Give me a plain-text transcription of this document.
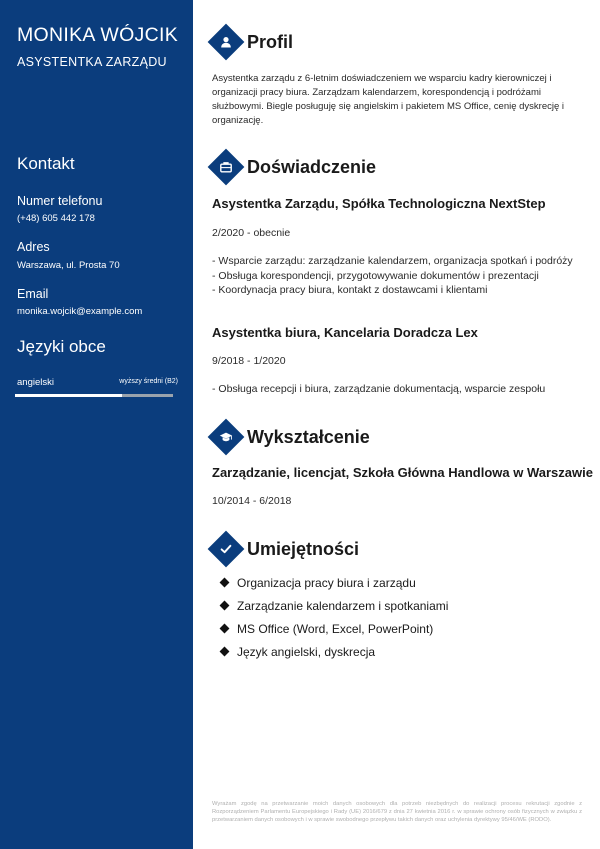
MONIKA WÓJCIK
ASYSTENTKA ZARZĄDU
Kontakt
Numer telefonu
(+48) 605 442 178
Adres
Warszawa, ul. Prosta 70
Email
monika.wojcik@example.com
Języki obce
angielski	wyższy średni (B2)
Profil

Asystentka zarządu z 6-letnim doświadczeniem we wsparciu kadry kierowniczej i organizacji pracy biura. Zarządzam kalendarzem, korespondencją i podróżami służbowymi. Biegle posługuję się angielskim i pakietem MS Office, cenię dyskrecję i organizację.

Doświadczenie
Asystentka Zarządu, Spółka Technologiczna NextStep
2/2020 - obecnie
- Wsparcie zarządu: zarządzanie kalendarzem, organizacja spotkań i podróży
- Obsługa korespondencji, przygotowywanie dokumentów i prezentacji
- Koordynacja pracy biura, kontakt z dostawcami i klientami
Asystentka biura, Kancelaria Doradcza Lex
9/2018 - 1/2020
- Obsługa recepcji i biura, zarządzanie dokumentacją, wsparcie zespołu
Wykształcenie
Zarządzanie, licencjat, Szkoła Główna Handlowa w Warszawie
10/2014 - 6/2018
Umiejętności
Organizacja pracy biura i zarządu
Zarządzanie kalendarzem i spotkaniami
MS Office (Word, Excel, PowerPoint)
Język angielski, dyskrecja

Wyrażam zgodę na przetwarzanie moich danych osobowych dla potrzeb niezbędnych do realizacji procesu rekrutacji zgodnie z Rozporządzeniem Parlamentu Europejskiego i Rady (UE) 2016/679 z dnia 27 kwietnia 2016 r. w sprawie ochrony osób fizycznych w związku z przetwarzaniem danych osobowych i w sprawie swobodnego przepływu takich danych oraz uchylenia dyrektywy 95/46/WE (RODO).
